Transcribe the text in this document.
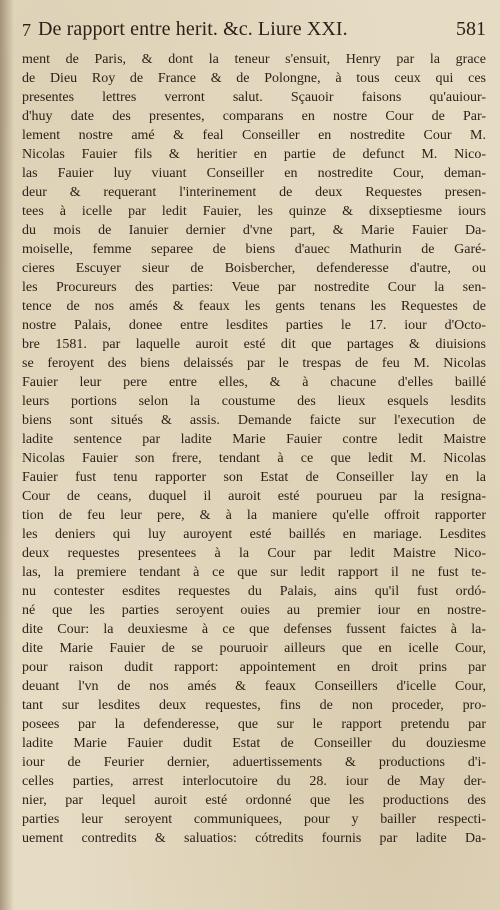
7 De rapport entre herit. &c. Liure XXI.	581
ment de Paris, & dont la teneur s'ensuit, Henry par la grace
de Dieu Roy de France & de Polongne, à tous ceux qui ces
presentes lettres verront salut. Sçauoir faisons qu'auiour-
d'huy date des presentes, comparans en nostre Cour de Par-
lement nostre amé & feal Conseiller en nostredite Cour M.
Nicolas Fauier fils & heritier en partie de defunct M. Nico-
las Fauier luy viuant Conseiller en nostredite Cour, deman-
deur & requerant l'interinement de deux Requestes presen-
tees à icelle par ledit Fauier, les quinze & dixseptiesme iours
du mois de Ianuier dernier d'vne part, & Marie Fauier Da-
moiselle, femme separee de biens d'auec Mathurin de Garé-
cieres Escuyer sieur de Boisbercher, defenderesse d'autre, ou
les Procureurs des parties: Veue par nostredite Cour la sen-
tence de nos amés & feaux les gents tenans les Requestes de
nostre Palais, donee entre lesdites parties le 17. iour d'Octo-
bre 1581. par laquelle auroit esté dit que partages & diuisions
se feroyent des biens delaissés par le trespas de feu M. Nicolas
Fauier leur pere entre elles, & à chacune d'elles baillé
leurs portions selon la coustume des lieux esquels lesdits
biens sont situés & assis. Demande faicte sur l'execution de
ladite sentence par ladite Marie Fauier contre ledit Maistre
Nicolas Fauier son frere, tendant à ce que ledit M. Nicolas
Fauier fust tenu rapporter son Estat de Conseiller lay en la
Cour de ceans, duquel il auroit esté pourueu par la resigna-
tion de feu leur pere, & à la maniere qu'elle offroit rapporter
les deniers qui luy auroyent esté baillés en mariage. Lesdites
deux requestes presentees à la Cour par ledit Maistre Nico-
las, la premiere tendant à ce que sur ledit rapport il ne fust te-
nu contester esdites requestes du Palais, ains qu'il fust ordó-
né que les parties seroyent ouies au premier iour en nostre-
dite Cour: la deuxiesme à ce que defenses fussent faictes à la-
dite Marie Fauier de se pouruoir ailleurs que en icelle Cour,
pour raison dudit rapport: appointement en droit prins par
deuant l'vn de nos amés & feaux Conseillers d'icelle Cour,
tant sur lesdites deux requestes, fins de non proceder, pro-
posees par la defenderesse, que sur le rapport pretendu par
ladite Marie Fauier dudit Estat de Conseiller du douziesme
iour de Feurier dernier, aduertissements & productions d'i-
celles parties, arrest interlocutoire du 28. iour de May der-
nier, par lequel auroit esté ordonné que les productions des
parties leur seroyent communiquees, pour y bailler respecti-
uement contredits & saluatios: cótredits fournis par ladite Da-
